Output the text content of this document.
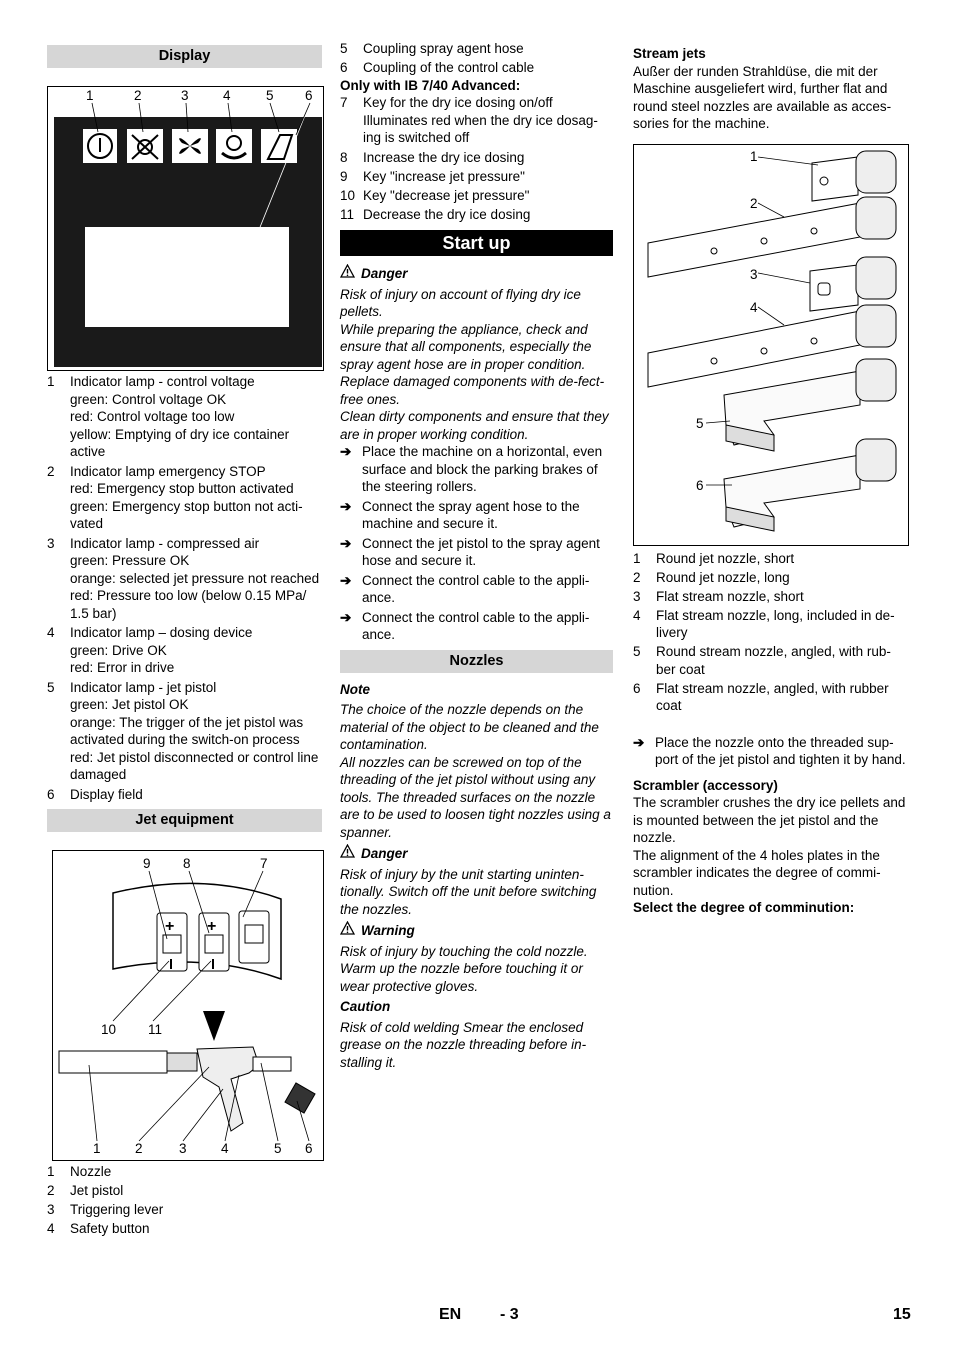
Display
1	2	3	4	5 6
1	Indicator lamp - control voltage
green: Control voltage OK
red: Control voltage too low
yellow: Emptying of dry ice container active
2	Indicator lamp emergency STOP
red: Emergency stop button activated
green: Emergency stop button not acti-vated
3	Indicator lamp - compressed air
green: Pressure OK
orange: selected jet pressure not reached
red: Pressure too low (below 0.15 MPa/ 1.5 bar)
4	Indicator lamp – dosing device
green: Drive OK
red: Error in drive
5	Indicator lamp - jet pistol
green: Jet pistol OK
orange: The trigger of the jet pistol was activated during the switch-on process
red: Jet pistol disconnected or control line damaged
6	Display field
Jet equipment
+ +
9 8	7
10 11
1	2	3	4	5 6
1	Nozzle
2	Jet pistol
3	Triggering lever
4	Safety button
5	Coupling spray agent hose
6	Coupling of the control cable
Only with IB 7/40 Advanced:
7	Key for the dry ice dosing on/off
Illuminates red when the dry ice dosag-ing is switched off
8	Increase the dry ice dosing
9	Key "increase jet pressure"
10 Key "decrease jet pressure"
11 Decrease the dry ice dosing
Start up
Danger
Risk of injury on account of flying dry ice pellets.
While preparing the appliance, check and ensure that all components, especially the spray agent hose are in proper condition. Replace damaged components with de-fect-free ones.
Clean dirty components and ensure that they are in proper working condition.
➔ Place the machine on a horizontal, even surface and block the parking brakes of the steering rollers.
➔ Connect the spray agent hose to the machine and secure it.
➔ Connect the jet pistol to the spray agent hose and secure it.
➔ Connect the control cable to the appli-ance.
➔ Connect the control cable to the appli-ance.
Nozzles
Note
The choice of the nozzle depends on the material of the object to be cleaned and the contamination.
All nozzles can be screwed on top of the threading of the jet pistol without using any tools. The threaded surfaces on the nozzle are to be used to loosen tight nozzles using a spanner.
Danger
Risk of injury by the unit starting uninten-tionally. Switch off the unit before switching the nozzles.
Warning
Risk of injury by touching the cold nozzle. Warm up the nozzle before touching it or wear protective gloves.
Caution
Risk of cold welding Smear the enclosed grease on the nozzle threading before in-stalling it.
Stream jets
Außer der runden Strahldüse, die mit der Maschine ausgeliefert wird, further flat and round steel nozzles are available as acces-sories for the machine.
1
2
3
4
5
6
1	Round jet nozzle, short
2	Round jet nozzle, long
3	Flat stream nozzle, short
4	Flat stream nozzle, long, included in de-livery
5	Round stream nozzle, angled, with rub-ber coat
6	Flat stream nozzle, angled, with rubber coat
➔ Place the nozzle onto the threaded sup-port of the jet pistol and tighten it by hand.
Scrambler (accessory)
The scrambler crushes the dry ice pellets and is mounted between the jet pistol and the nozzle.
The alignment of the 4 holes plates in the scrambler indicates the degree of commi-nution.
Select the degree of comminution:
EN - 3	15
